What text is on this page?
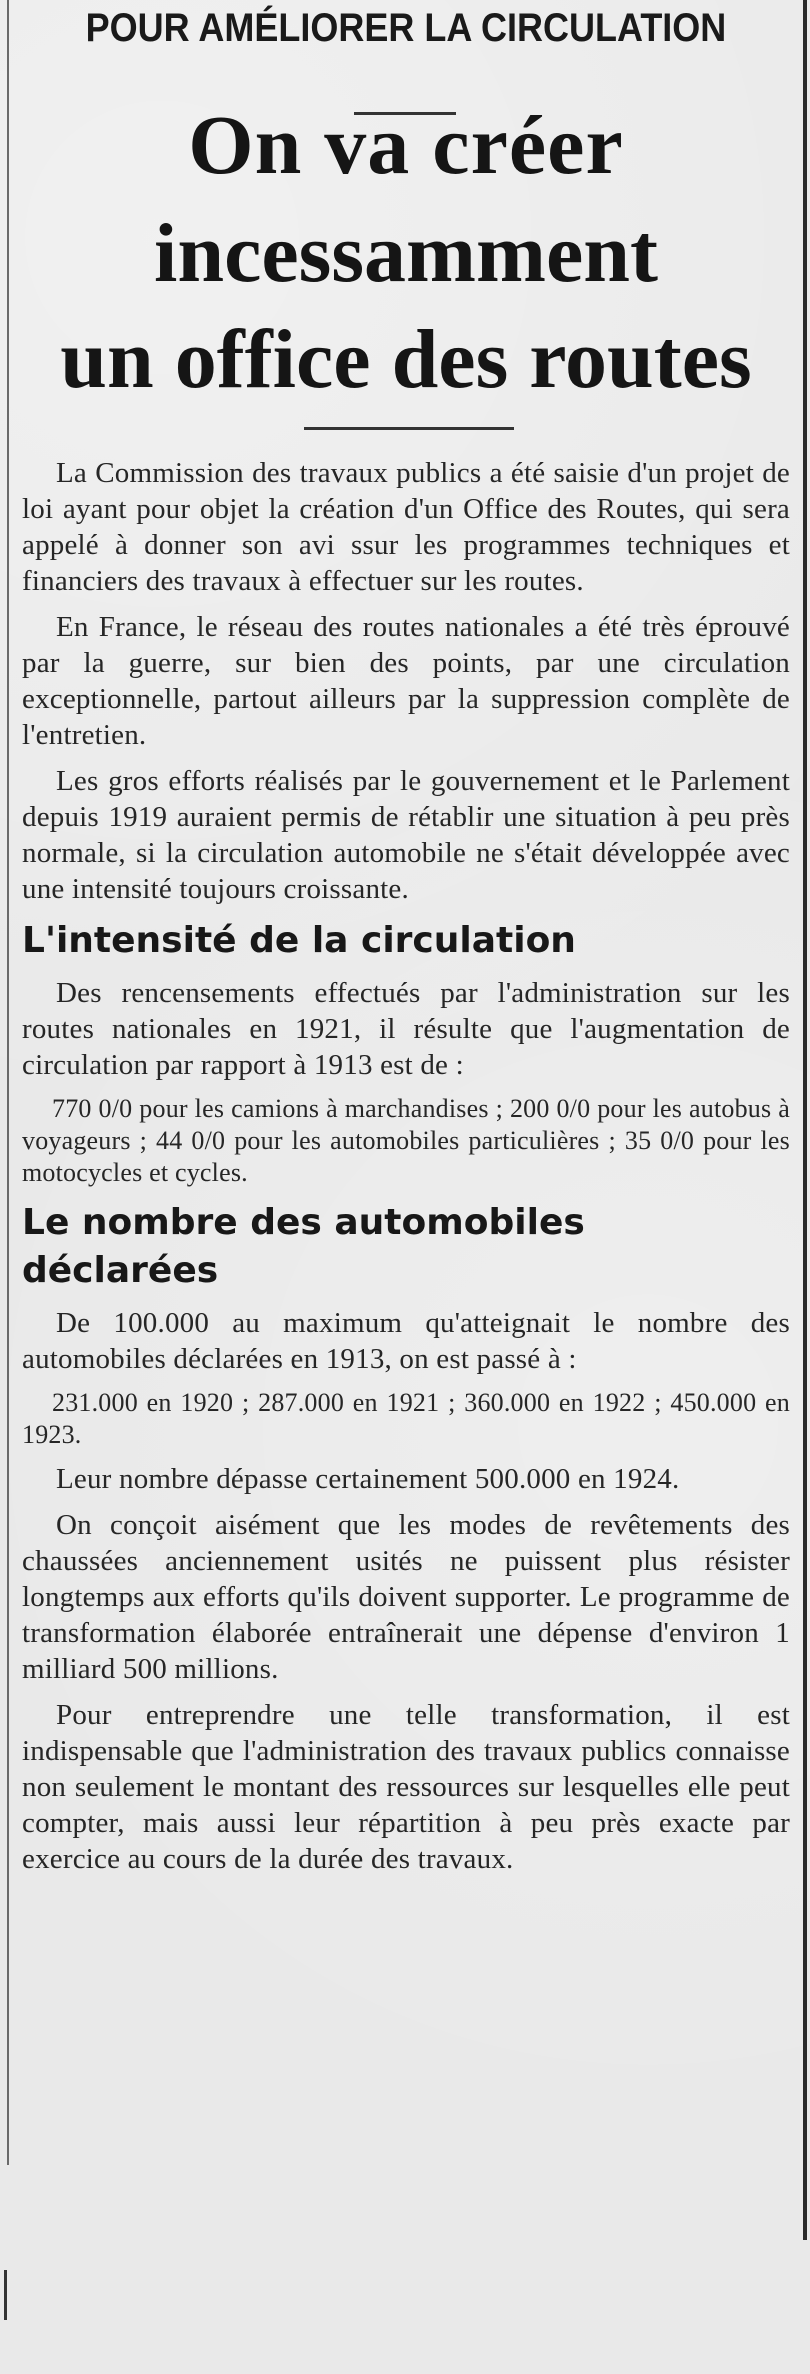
POUR AMÉLIORER LA CIRCULATION
On va créer
incessamment
un office des routes

La Commission des travaux publics a été saisie d'un projet de loi ayant pour objet la création d'un Office des Routes, qui sera appelé à donner son avi ssur les programmes techniques et financiers des travaux à effectuer sur les routes.

En France, le réseau des routes nationales a été très éprouvé par la guerre, sur bien des points, par une circulation exceptionnelle, partout ailleurs par la suppression complète de l'entretien.

Les gros efforts réalisés par le gouvernement et le Parlement depuis 1919 auraient permis de rétablir une situation à peu près normale, si la circulation automobile ne s'était développée avec une intensité toujours croissante.

L'intensité de la circulation

Des rencensements effectués par l'administration sur les routes nationales en 1921, il résulte que l'augmentation de circulation par rapport à 1913 est de :

770 0/0 pour les camions à marchandises ; 200 0/0 pour les autobus à voyageurs ; 44 0/0 pour les automobiles particulières ; 35 0/0 pour les motocycles et cycles.

Le nombre des automobiles
déclarées

De 100.000 au maximum qu'atteignait le nombre des automobiles déclarées en 1913, on est passé à :

231.000 en 1920 ; 287.000 en 1921 ; 360.000 en 1922 ; 450.000 en 1923.

Leur nombre dépasse certainement 500.000 en 1924.

On conçoit aisément que les modes de revêtements des chaussées anciennement usités ne puissent plus résister longtemps aux efforts qu'ils doivent supporter. Le programme de transformation élaborée entraînerait une dépense d'environ 1 milliard 500 millions.

Pour entreprendre une telle transformation, il est indispensable que l'administration des travaux publics connaisse non seulement le montant des ressources sur lesquelles elle peut compter, mais aussi leur répartition à peu près exacte par exercice au cours de la durée des travaux.
